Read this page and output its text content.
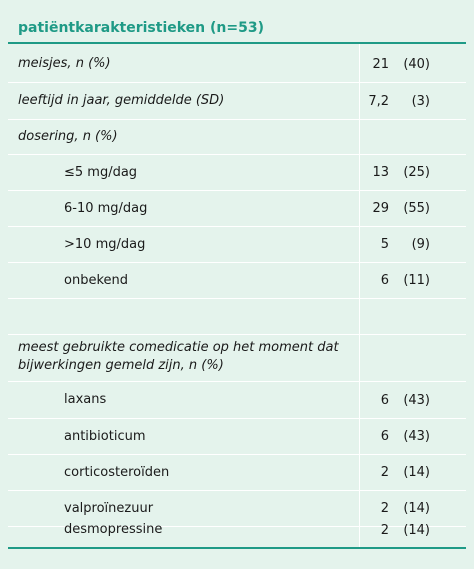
patiëntkarakteristieken (n=53)
meisjes, n (%)	21 (40)
leeftijd in jaar, gemiddelde (SD)	7,2 (3)
dosering, n (%)
≤5 mg/dag	13 (25)
6-10 mg/dag	29 (55)
>10 mg/dag	5 (9)
onbekend	6 (11)
meest gebruikte comedicatie op het moment dat
bijwerkingen gemeld zijn, n (%)
laxans	6 (43)
antibioticum	6 (43)
corticosteroïden	2 (14)
valproïnezuur	2 (14)
desmopressine	2 (14)
